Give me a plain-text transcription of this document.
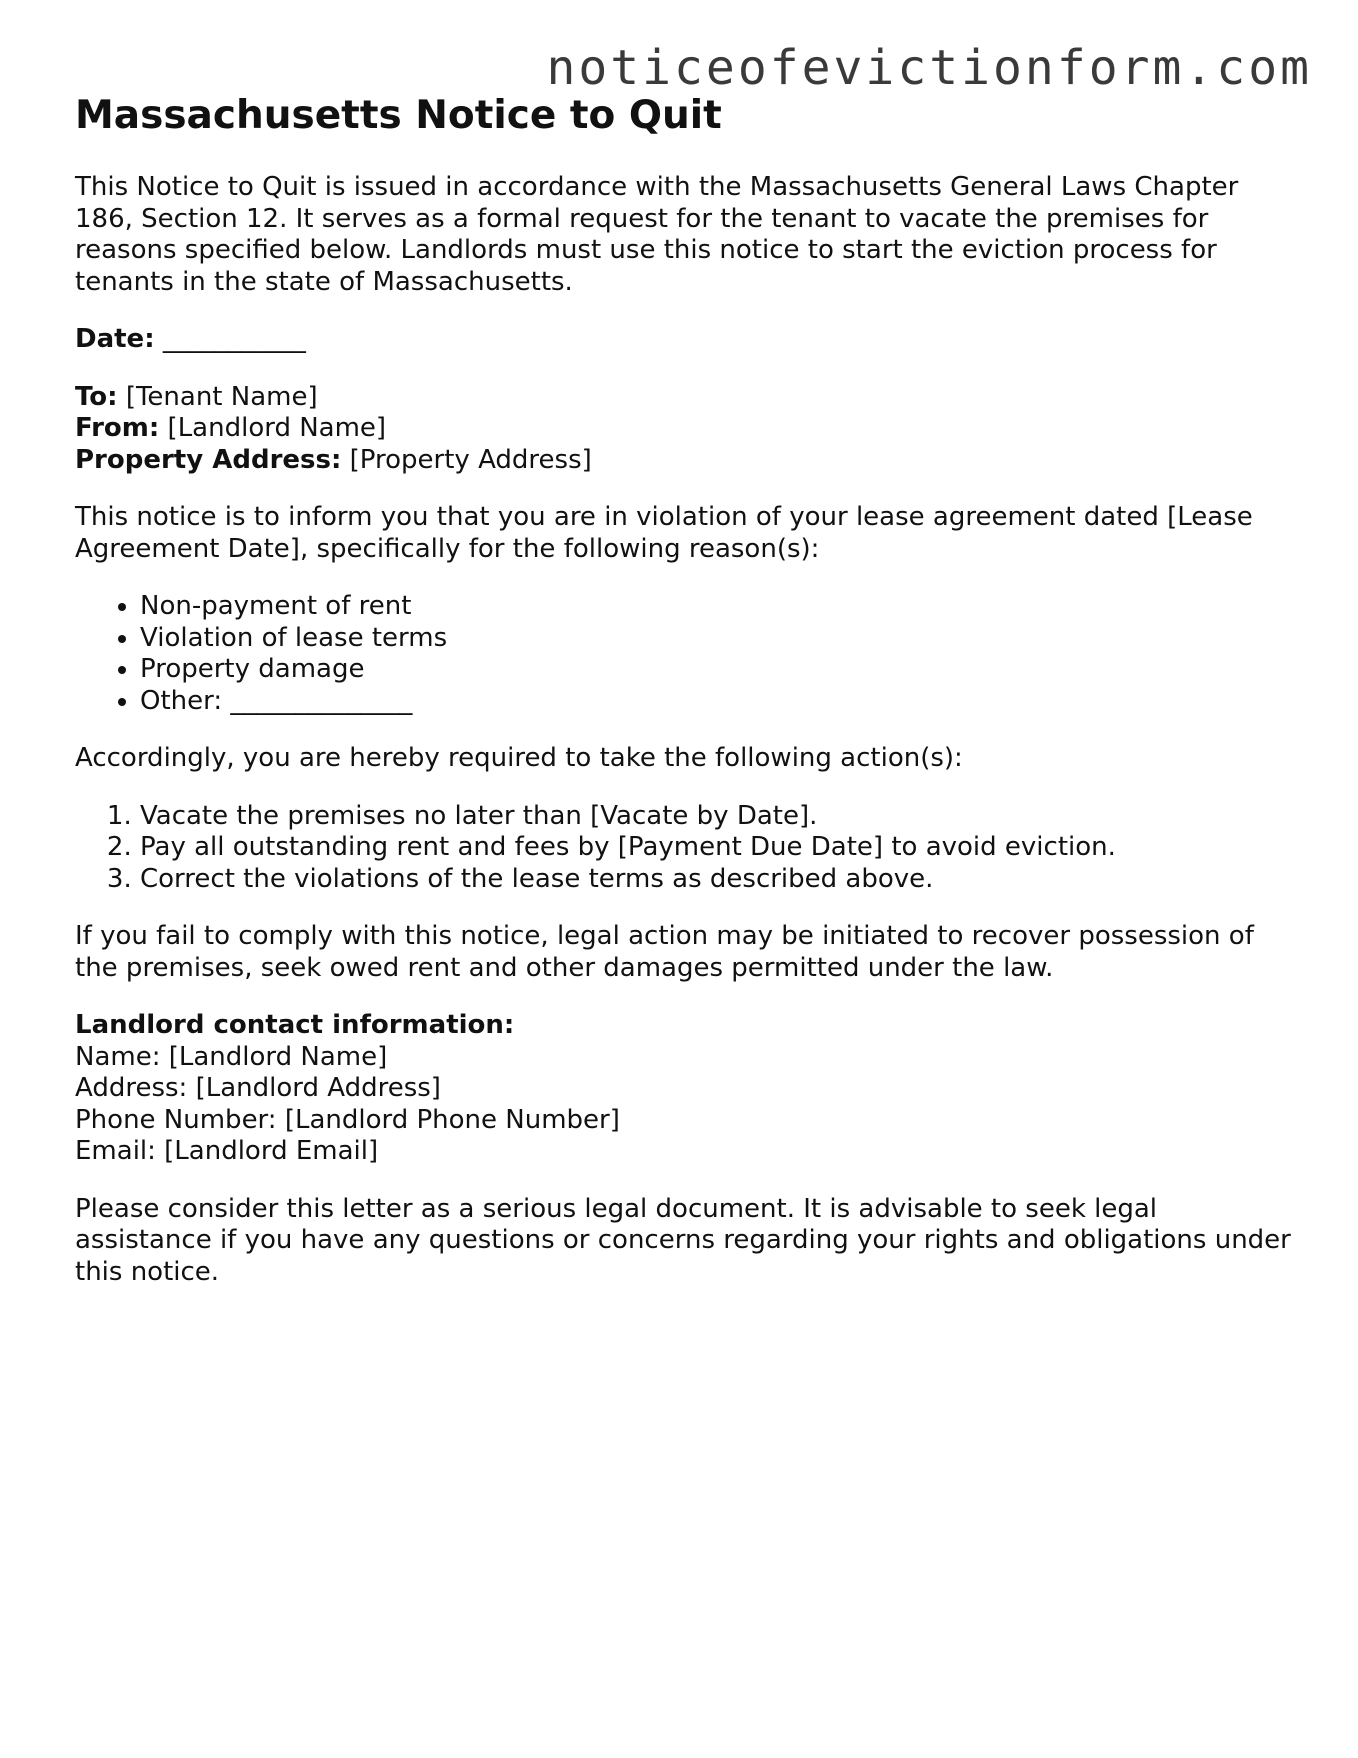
noticeofevictionform.com
Massachusetts Notice to Quit

This Notice to Quit is issued in accordance with the Massachusetts General Laws Chapter 186, Section 12. It serves as a formal request for the tenant to vacate the premises for reasons specified below. Landlords must use this notice to start the eviction process for tenants in the state of Massachusetts.

Date: ___________

To: [Tenant Name]
From: [Landlord Name]
Property Address: [Property Address]

This notice is to inform you that you are in violation of your lease agreement dated [Lease Agreement Date], specifically for the following reason(s):

• Non-payment of rent
• Violation of lease terms
• Property damage
• Other: ______________

Accordingly, you are hereby required to take the following action(s):

1. Vacate the premises no later than [Vacate by Date].
2. Pay all outstanding rent and fees by [Payment Due Date] to avoid eviction.
3. Correct the violations of the lease terms as described above.

If you fail to comply with this notice, legal action may be initiated to recover possession of the premises, seek owed rent and other damages permitted under the law.

Landlord contact information:
Name: [Landlord Name]
Address: [Landlord Address]
Phone Number: [Landlord Phone Number]
Email: [Landlord Email]

Please consider this letter as a serious legal document. It is advisable to seek legal assistance if you have any questions or concerns regarding your rights and obligations under this notice.
